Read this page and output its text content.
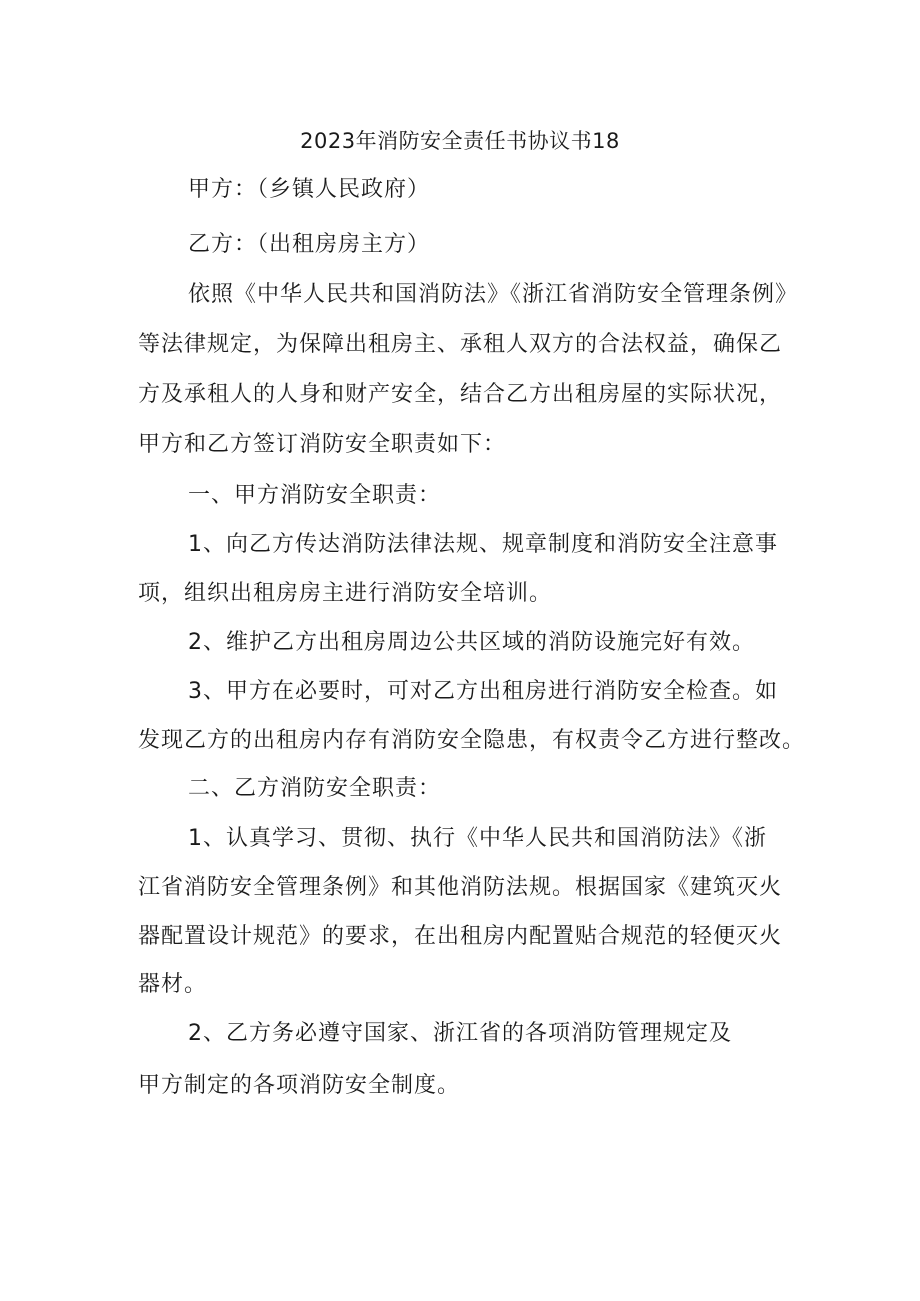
2023年消防安全责任书协议书18
甲方：（乡镇人民政府）
乙方：（出租房房主方）
依照《中华人民共和国消防法》《浙江省消防安全管理条例》
等法律规定，为保障出租房主、承租人双方的合法权益，确保乙
方及承租人的人身和财产安全，结合乙方出租房屋的实际状况，
甲方和乙方签订消防安全职责如下：
一、甲方消防安全职责：
1、向乙方传达消防法律法规、规章制度和消防安全注意事
项，组织出租房房主进行消防安全培训。
2、维护乙方出租房周边公共区域的消防设施完好有效。
3、甲方在必要时，可对乙方出租房进行消防安全检查。如
发现乙方的出租房内存有消防安全隐患，有权责令乙方进行整改。
二、乙方消防安全职责：
1、认真学习、贯彻、执行《中华人民共和国消防法》《浙
江省消防安全管理条例》和其他消防法规。根据国家《建筑灭火
器配置设计规范》的要求，在出租房内配置贴合规范的轻便灭火
器材。
2、乙方务必遵守国家、浙江省的各项消防管理规定及
甲方制定的各项消防安全制度。
